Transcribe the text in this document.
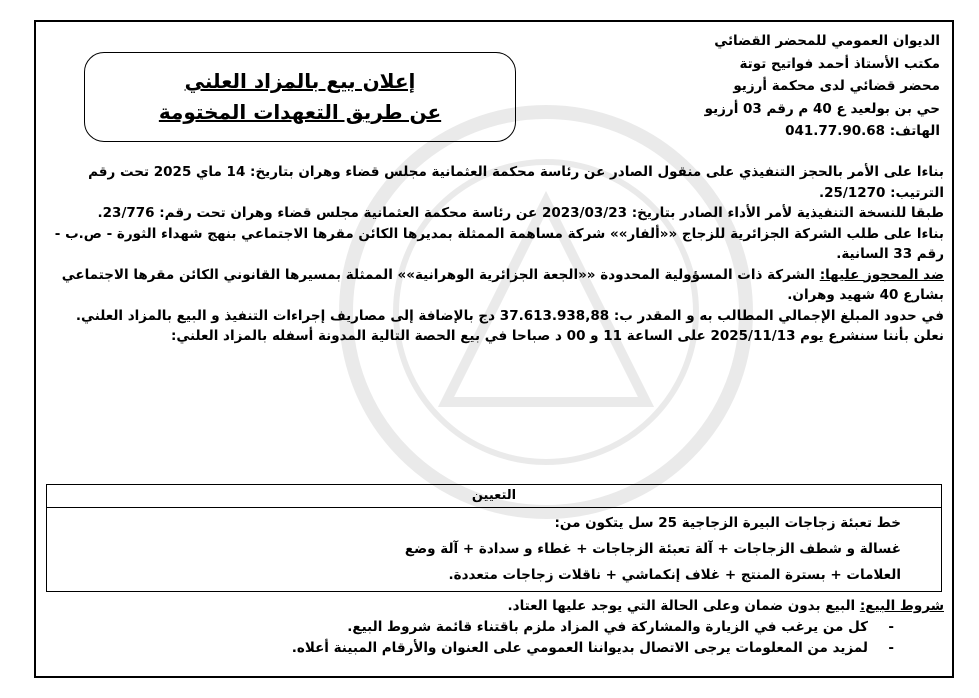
الديوان العمومي للمحضر القضائي
مكتب الأستاذ أحمد فواتيح توتة
محضر قضائي لدى محكمة أرزيو
حي بن بولعيد ع 40 م رقم 03 أرزيو
الهاتف: 041.77.90.68
إعلان بيع بالمزاد العلني
عن طريق التعهدات المختومة

بناءا على الأمر بالحجز التنفيذي على منقول الصادر عن رئاسة محكمة العثمانية مجلس قضاء وهران بتاريخ: 14 ماي 2025 تحت رقم الترتيب: 25/1270.

طبقا للنسخة التنفيذية لأمر الأداء الصادر بتاريخ: 2023/03/23 عن رئاسة محكمة العثمانية مجلس قضاء وهران تحت رقم: 23/776.

بناءا على طلب الشركة الجزائرية للزجاج ««ألفار»» شركة مساهمة الممثلة بمديرها الكائن مقرها الاجتماعي بنهج شهداء الثورة - ص.ب - رقم 33 السانية.

ضد المحجوز عليها: الشركة ذات المسؤولية المحدودة ««الجعة الجزائرية الوهرانية»» الممثلة بمسيرها القانوني الكائن مقرها الاجتماعي بشارع 40 شهيد وهران.

في حدود المبلغ الإجمالي المطالب به و المقدر ب: 37.613.938,88 دج بالإضافة إلى مصاريف إجراءات التنفيذ و البيع بالمزاد العلني.

نعلن بأننا سنشرع يوم 2025/11/13 على الساعة 11 و 00 د صباحا في بيع الحصة التالية المدونة أسفله بالمزاد العلني:

التعيين
خط تعبئة زجاجات البيرة الزجاجية 25 سل يتكون من:
غسالة و شطف الزجاجات + آلة تعبئة الزجاجات + غطاء و سدادة + آلة وضع
العلامات + بسترة المنتج + غلاف إنكماشي + ناقلات زجاجات متعددة.
شروط البيع: البيع بدون ضمان وعلى الحالة التي يوجد عليها العتاد.
-
كل من يرغب في الزيارة والمشاركة في المزاد ملزم باقتناء قائمة شروط البيع.
-
لمزيد من المعلومات يرجى الاتصال بديواننا العمومي على العنوان والأرقام المبينة أعلاه.
